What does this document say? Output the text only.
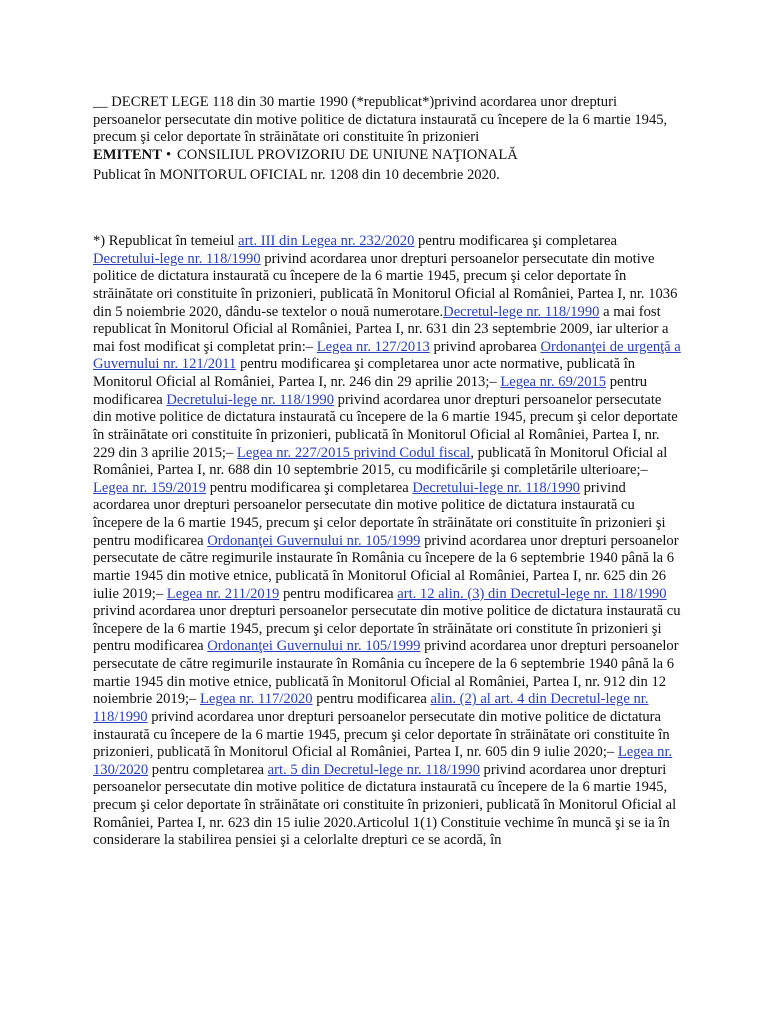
__ DECRET LEGE 118 din 30 martie 1990 (*republicat*)privind acordarea unor drepturi persoanelor persecutate din motive politice de dictatura instaurată cu începere de la 6 martie 1945, precum şi celor deportate în străinătate ori constituite în prizonieri

EMITENT • CONSILIUL PROVIZORIU DE UNIUNE NAŢIONALĂ

Publicat în MONITORUL OFICIAL nr. 1208 din 10 decembrie 2020.

*) Republicat în temeiul art. III din Legea nr. 232/2020 pentru modificarea şi completarea Decretului-lege nr. 118/1990 privind acordarea unor drepturi persoanelor persecutate din motive politice de dictatura instaurată cu începere de la 6 martie 1945, precum şi celor deportate în străinătate ori constituite în prizonieri, publicată în Monitorul Oficial al României, Partea I, nr. 1036 din 5 noiembrie 2020, dându-se textelor o nouă numerotare.Decretul-lege nr. 118/1990 a mai fost republicat în Monitorul Oficial al României, Partea I, nr. 631 din 23 septembrie 2009, iar ulterior a mai fost modificat şi completat prin:– Legea nr. 127/2013 privind aprobarea Ordonanţei de urgenţă a Guvernului nr. 121/2011 pentru modificarea şi completarea unor acte normative, publicată în Monitorul Oficial al României, Partea I, nr. 246 din 29 aprilie 2013;– Legea nr. 69/2015 pentru modificarea Decretului-lege nr. 118/1990 privind acordarea unor drepturi persoanelor persecutate din motive politice de dictatura instaurată cu începere de la 6 martie 1945, precum şi celor deportate în străinătate ori constituite în prizonieri, publicată în Monitorul Oficial al României, Partea I, nr. 229 din 3 aprilie 2015;– Legea nr. 227/2015 privind Codul fiscal, publicată în Monitorul Oficial al României, Partea I, nr. 688 din 10 septembrie 2015, cu modificările şi completările ulterioare;– Legea nr. 159/2019 pentru modificarea şi completarea Decretului-lege nr. 118/1990 privind acordarea unor drepturi persoanelor persecutate din motive politice de dictatura instaurată cu începere de la 6 martie 1945, precum şi celor deportate în străinătate ori constituite în prizonieri şi pentru modificarea Ordonanţei Guvernului nr. 105/1999 privind acordarea unor drepturi persoanelor persecutate de către regimurile instaurate în România cu începere de la 6 septembrie 1940 până la 6 martie 1945 din motive etnice, publicată în Monitorul Oficial al României, Partea I, nr. 625 din 26 iulie 2019;– Legea nr. 211/2019 pentru modificarea art. 12 alin. (3) din Decretul-lege nr. 118/1990 privind acordarea unor drepturi persoanelor persecutate din motive politice de dictatura instaurată cu începere de la 6 martie 1945, precum şi celor deportate în străinătate ori constitute în prizonieri şi pentru modificarea Ordonanţei Guvernului nr. 105/1999 privind acordarea unor drepturi persoanelor persecutate de către regimurile instaurate în România cu începere de la 6 septembrie 1940 până la 6 martie 1945 din motive etnice, publicată în Monitorul Oficial al României, Partea I, nr. 912 din 12 noiembrie 2019;– Legea nr. 117/2020 pentru modificarea alin. (2) al art. 4 din Decretul-lege nr. 118/1990 privind acordarea unor drepturi persoanelor persecutate din motive politice de dictatura instaurată cu începere de la 6 martie 1945, precum şi celor deportate în străinătate ori constituite în prizonieri, publicată în Monitorul Oficial al României, Partea I, nr. 605 din 9 iulie 2020;– Legea nr. 130/2020 pentru completarea art. 5 din Decretul-lege nr. 118/1990 privind acordarea unor drepturi persoanelor persecutate din motive politice de dictatura instaurată cu începere de la 6 martie 1945, precum şi celor deportate în străinătate ori constituite în prizonieri, publicată în Monitorul Oficial al României, Partea I, nr. 623 din 15 iulie 2020.Articolul 1(1) Constituie vechime în muncă şi se ia în considerare la stabilirea pensiei şi a celorlalte drepturi ce se acordă, în
